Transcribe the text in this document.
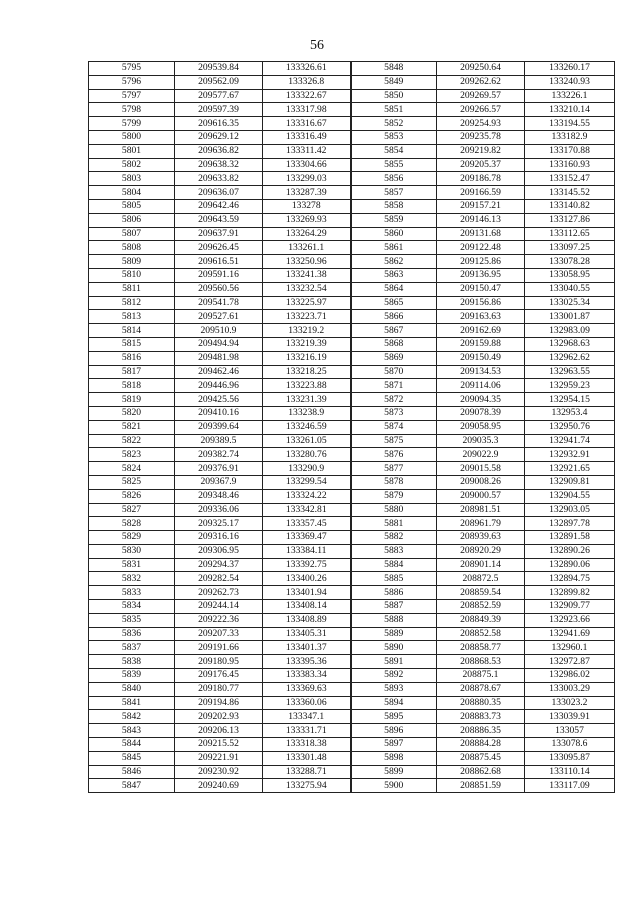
56
5795	209539.84	133326.61	5848	209250.64	133260.17
5796	209562.09	133326.8	5849	209262.62	133240.93
5797	209577.67	133322.67	5850	209269.57	133226.1
5798	209597.39	133317.98	5851	209266.57	133210.14
5799	209616.35	133316.67	5852	209254.93	133194.55
5800	209629.12	133316.49	5853	209235.78	133182.9
5801	209636.82	133311.42	5854	209219.82	133170.88
5802	209638.32	133304.66	5855	209205.37	133160.93
5803	209633.82	133299.03	5856	209186.78	133152.47
5804	209636.07	133287.39	5857	209166.59	133145.52
5805	209642.46	133278	5858	209157.21	133140.82
5806	209643.59	133269.93	5859	209146.13	133127.86
5807	209637.91	133264.29	5860	209131.68	133112.65
5808	209626.45	133261.1	5861	209122.48	133097.25
5809	209616.51	133250.96	5862	209125.86	133078.28
5810	209591.16	133241.38	5863	209136.95	133058.95
5811	209560.56	133232.54	5864	209150.47	133040.55
5812	209541.78	133225.97	5865	209156.86	133025.34
5813	209527.61	133223.71	5866	209163.63	133001.87
5814	209510.9	133219.2	5867	209162.69	132983.09
5815	209494.94	133219.39	5868	209159.88	132968.63
5816	209481.98	133216.19	5869	209150.49	132962.62
5817	209462.46	133218.25	5870	209134.53	132963.55
5818	209446.96	133223.88	5871	209114.06	132959.23
5819	209425.56	133231.39	5872	209094.35	132954.15
5820	209410.16	133238.9	5873	209078.39	132953.4
5821	209399.64	133246.59	5874	209058.95	132950.76
5822	209389.5	133261.05	5875	209035.3	132941.74
5823	209382.74	133280.76	5876	209022.9	132932.91
5824	209376.91	133290.9	5877	209015.58	132921.65
5825	209367.9	133299.54	5878	209008.26	132909.81
5826	209348.46	133324.22	5879	209000.57	132904.55
5827	209336.06	133342.81	5880	208981.51	132903.05
5828	209325.17	133357.45	5881	208961.79	132897.78
5829	209316.16	133369.47	5882	208939.63	132891.58
5830	209306.95	133384.11	5883	208920.29	132890.26
5831	209294.37	133392.75	5884	208901.14	132890.06
5832	209282.54	133400.26	5885	208872.5	132894.75
5833	209262.73	133401.94	5886	208859.54	132899.82
5834	209244.14	133408.14	5887	208852.59	132909.77
5835	209222.36	133408.89	5888	208849.39	132923.66
5836	209207.33	133405.31	5889	208852.58	132941.69
5837	209191.66	133401.37	5890	208858.77	132960.1
5838	209180.95	133395.36	5891	208868.53	132972.87
5839	209176.45	133383.34	5892	208875.1	132986.02
5840	209180.77	133369.63	5893	208878.67	133003.29
5841	209194.86	133360.06	5894	208880.35	133023.2
5842	209202.93	133347.1	5895	208883.73	133039.91
5843	209206.13	133331.71	5896	208886.35	133057
5844	209215.52	133318.38	5897	208884.28	133078.6
5845	209221.91	133301.48	5898	208875.45	133095.87
5846	209230.92	133288.71	5899	208862.68	133110.14
5847	209240.69	133275.94	5900	208851.59	133117.09
